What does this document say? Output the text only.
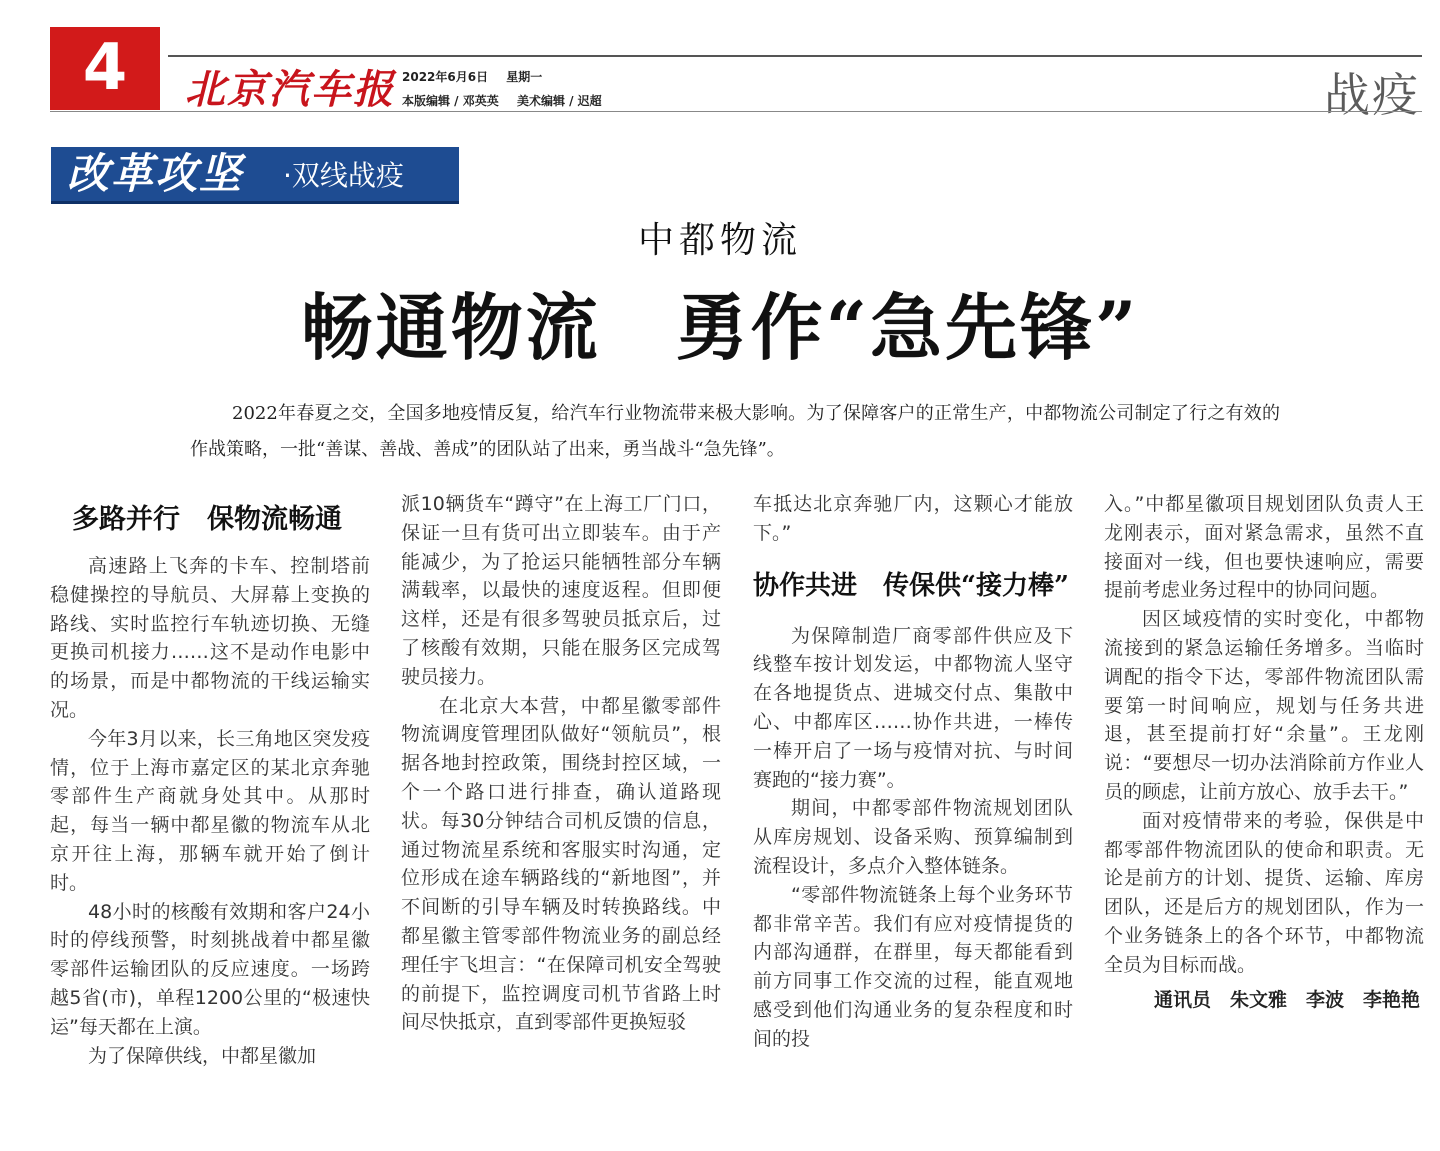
4	北京汽车报 2022年6月6日 星期一
本版编辑 / 邓英英 美术编辑 / 迟超	战疫
改革攻坚 ·双线战疫
中都物流
畅通物流　勇作“急先锋”
2022年春夏之交，全国多地疫情反复，给汽车行业物流带来极大影响。为了保障客户的正常生产，中都物流公司制定了行之有效的作战策略，一批“善谋、善战、善成”的团队站了出来，勇当战斗“急先锋”。
多路并行　保物流畅通

高速路上飞奔的卡车、控制塔前稳健操控的导航员、大屏幕上变换的路线、实时监控行车轨迹切换、无缝更换司机接力……这不是动作电影中的场景，而是中都物流的干线运输实况。

今年3月以来，长三角地区突发疫情，位于上海市嘉定区的某北京奔驰零部件生产商就身处其中。从那时起，每当一辆中都星徽的物流车从北京开往上海，那辆车就开始了倒计时。

48小时的核酸有效期和客户24小时的停线预警，时刻挑战着中都星徽零部件运输团队的反应速度。一场跨越5省(市)，单程1200公里的“极速快运”每天都在上演。

为了保障供线，中都星徽加

派10辆货车“蹲守”在上海工厂门口，保证一旦有货可出立即装车。由于产能减少，为了抢运只能牺牲部分车辆满载率，以最快的速度返程。但即便这样，还是有很多驾驶员抵京后，过了核酸有效期，只能在服务区完成驾驶员接力。

在北京大本营，中都星徽零部件物流调度管理团队做好“领航员”，根据各地封控政策，围绕封控区域，一个一个路口进行排查，确认道路现状。每30分钟结合司机反馈的信息，通过物流星系统和客服实时沟通，定位形成在途车辆路线的“新地图”，并不间断的引导车辆及时转换路线。中都星徽主管零部件物流业务的副总经理任宇飞坦言：“在保障司机安全驾驶的前提下，监控调度司机节省路上时间尽快抵京，直到零部件更换短驳

车抵达北京奔驰厂内，这颗心才能放下。”

协作共进　传保供“接力棒”

为保障制造厂商零部件供应及下线整车按计划发运，中都物流人坚守在各地提货点、进城交付点、集散中心、中都库区……协作共进，一棒传一棒开启了一场与疫情对抗、与时间赛跑的“接力赛”。

期间，中都零部件物流规划团队从库房规划、设备采购、预算编制到流程设计，多点介入整体链条。

“零部件物流链条上每个业务环节都非常辛苦。我们有应对疫情提货的内部沟通群，在群里，每天都能看到前方同事工作交流的过程，能直观地感受到他们沟通业务的复杂程度和时间的投

入。”中都星徽项目规划团队负责人王龙刚表示，面对紧急需求，虽然不直接面对一线，但也要快速响应，需要提前考虑业务过程中的协同问题。

因区域疫情的实时变化，中都物流接到的紧急运输任务增多。当临时调配的指令下达，零部件物流团队需要第一时间响应，规划与任务共进退，甚至提前打好“余量”。王龙刚说：“要想尽一切办法消除前方作业人员的顾虑，让前方放心、放手去干。”

面对疫情带来的考验，保供是中都零部件物流团队的使命和职责。无论是前方的计划、提货、运输、库房团队，还是后方的规划团队，作为一个业务链条上的各个环节，中都物流全员为目标而战。

通讯员　朱文雅　李波　李艳艳
